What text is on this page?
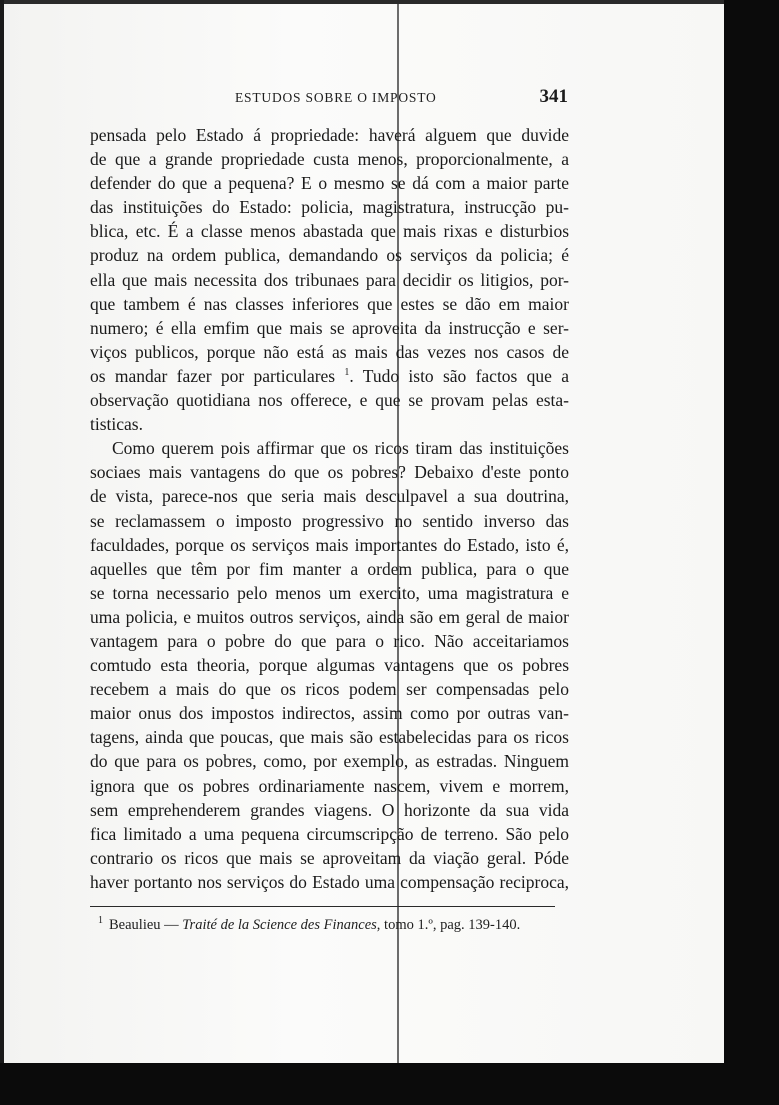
ESTUDOS SOBRE O IMPOSTO	341
pensada pelo Estado á propriedade: haverá alguem que duvide
de que a grande propriedade custa menos, proporcionalmente, a
defender do que a pequena? E o mesmo se dá com a maior parte
das instituições do Estado: policia, magistratura, instrucção pu-
blica, etc. É a classe menos abastada que mais rixas e disturbios
produz na ordem publica, demandando os serviços da policia; é
ella que mais necessita dos tribunaes para decidir os litigios, por-
que tambem é nas classes inferiores que estes se dão em maior
numero; é ella emfim que mais se aproveita da instrucção e ser-
viços publicos, porque não está as mais das vezes nos casos de
os mandar fazer por particulares $^1$. Tudo isto são factos que a
observação quotidiana nos offerece, e que se provam pelas esta-
tisticas.
Como querem pois affirmar que os ricos tiram das instituições
sociaes mais vantagens do que os pobres? Debaixo d'este ponto
de vista, parece-nos que seria mais desculpavel a sua doutrina,
se reclamassem o imposto progressivo no sentido inverso das
faculdades, porque os serviços mais importantes do Estado, isto é,
aquelles que têm por fim manter a ordem publica, para o que
se torna necessario pelo menos um exercito, uma magistratura e
uma policia, e muitos outros serviços, ainda são em geral de maior
vantagem para o pobre do que para o rico. Não acceitariamos
comtudo esta theoria, porque algumas vantagens que os pobres
recebem a mais do que os ricos podem ser compensadas pelo
maior onus dos impostos indirectos, assim como por outras van-
tagens, ainda que poucas, que mais são estabelecidas para os ricos
do que para os pobres, como, por exemplo, as estradas. Ninguem
ignora que os pobres ordinariamente nascem, vivem e morrem,
sem emprehenderem grandes viagens. O horizonte da sua vida
fica limitado a uma pequena circumscripção de terreno. São pelo
contrario os ricos que mais se aproveitam da viação geral. Póde
haver portanto nos serviços do Estado uma compensação reciproca,
$^1$ Beaulieu — Traité de la Science des Finances, tomo 1.º, pag. 139-140.
